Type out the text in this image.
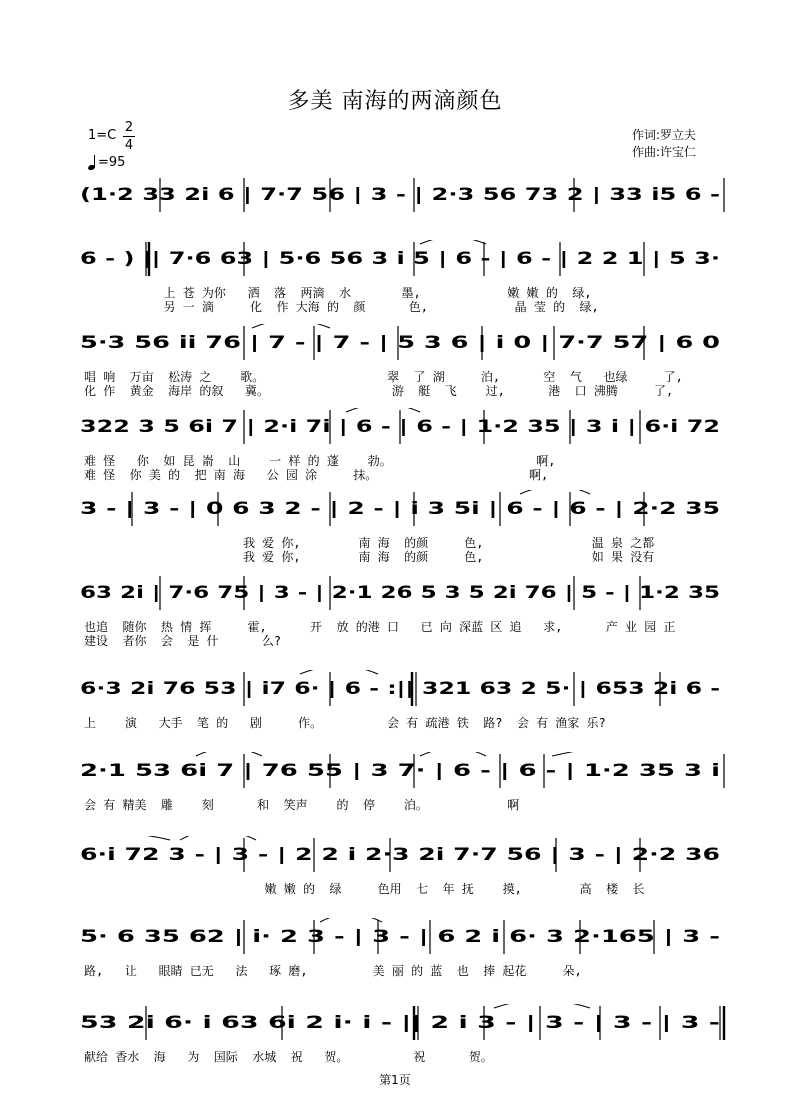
多美 南海的两滴颜色
1=C
2
4
=95
作词:罗立夫
作曲:许宝仁
(1·2 33 2i 6 | 7·7 56 | 3 - | 2·3 56 73 2 | 33 i5 6 -
6 - ) || 7·6 63 | 5·6 56 3 i 5 | 6 - | 6 - | 2 2 1 | 5 3·
上 苍 为你   洒  落  两滴  水       墨,            嫩 嫩 的  绿,
另 一 滴     化  作 大海 的  颜      色,            晶 莹 的  绿,
5·3 56 ii 76 | 7 - | 7 - | 5 3 6 | i 0 | 7·7 57 | 6 0
唱 响  万亩  松涛 之    歌。                 翠  了 湖     泊,      空  气   也绿     了,
化 作  黄金  海岸 的叙   冀。                 游  艇  飞    过,      港  口 沸腾     了,
322 3 5 6i 7 | 2·i 7i | 6 - | 6 - | 1·2 35 | 3 i | 6·i 72
难 怪   你  如 昆 嵛  山    一 样 的 蓬    勃。                    啊,
难 怪  你 美 的  把 南 海   公 园 涂     抹。                     啊,
3 - | 3 - | 0 6 3 2 - | 2 - | i 3 5i | 6 - | 6 - | 2·2 35
我 爱 你,        南 海  的颜     色,               温 泉 之都
我 爱 你,        南 海  的颜     色,               如 果 没有
63 2i | 7·6 75 | 3 - | 2·1 26 5 3 5 2i 76 | 5 - | 1·2 35
也追  随你  热 情 挥     霍,      开  放 的港 口   已 向 深蓝 区 追   求,      产 业 园 正
建设  者你  会  是 什      么?
6·3 2i 76 53 | i7 6· | 6 - :|| 321 63 2 5· | 653 2i 6 -
上    演   大手  笔 的   剧     作。         会 有 疏港 铁  路?  会 有 渔家 乐?
2·1 53 6i 7 | 76 55 | 3 7· | 6 - | 6 - | 1·2 35 3 i
会 有 精美  雕    刻      和  笑声    的  停    泊。           啊
6·i 72 3 - | 3 - | 2 2 i 2·3 2i 7·7 56 | 3 - | 2·2 36
嫩 嫩 的  绿     色用  七  年 抚    摸,        高  楼  长
5· 6 35 62 | i· 2 3 - | 3 - | 6 2 i 6· 3 2·165 | 3 -
路,   让   眼睛 已无   法   琢 磨,         美 丽 的 蓝  也  捧 起花     朵,
53 2i 6· i 63 6i 2 i· i - || 2 i 3 - | 3 - | 3 - | 3 -
献给 香水  海   为  国际  水城  祝   贺。         祝      贺。
第1页
